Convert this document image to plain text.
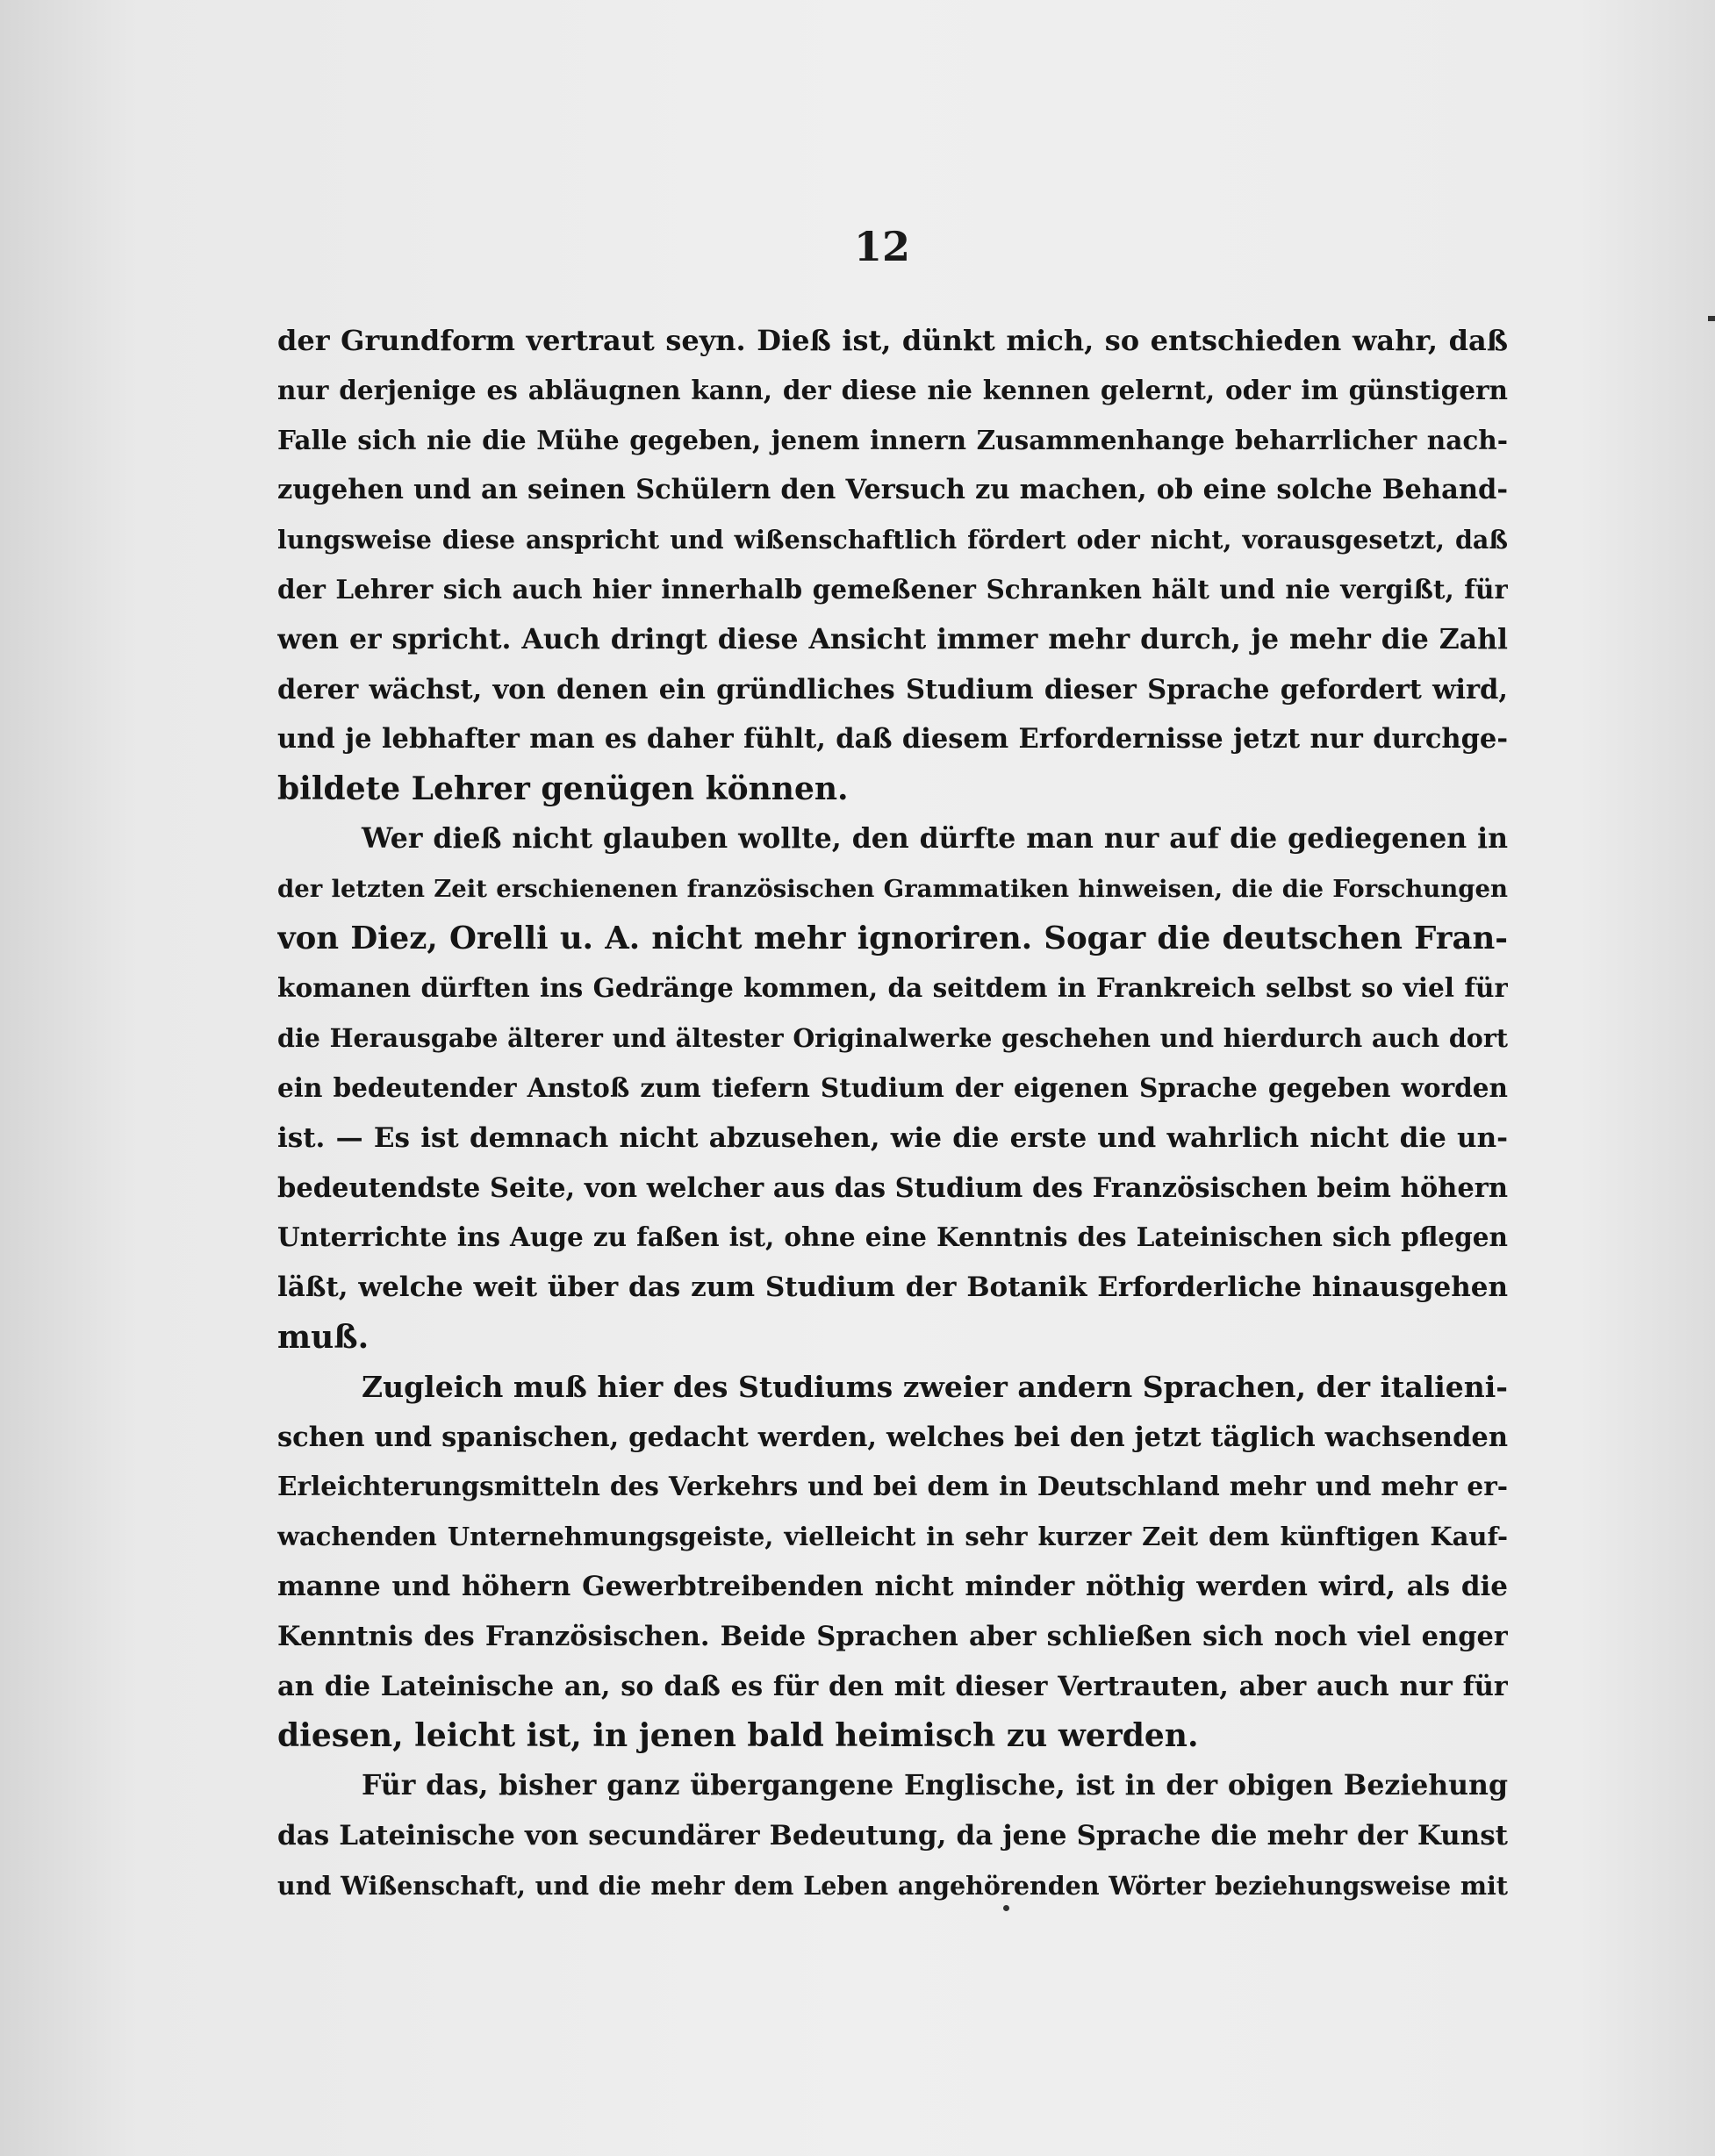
12
der Grundform vertraut seyn. Dieß ist, dünkt mich, so entschieden wahr, daß
nur derjenige es abläugnen kann, der diese nie kennen gelernt, oder im günstigern
Falle sich nie die Mühe gegeben, jenem innern Zusammenhange beharrlicher nach-
zugehen und an seinen Schülern den Versuch zu machen, ob eine solche Behand-
lungsweise diese anspricht und wißenschaftlich fördert oder nicht, vorausgesetzt, daß
der Lehrer sich auch hier innerhalb gemeßener Schranken hält und nie vergißt, für
wen er spricht. Auch dringt diese Ansicht immer mehr durch, je mehr die Zahl
derer wächst, von denen ein gründliches Studium dieser Sprache gefordert wird,
und je lebhafter man es daher fühlt, daß diesem Erfordernisse jetzt nur durchge-
bildete Lehrer genügen können.
Wer dieß nicht glauben wollte, den dürfte man nur auf die gediegenen in
der letzten Zeit erschienenen französischen Grammatiken hinweisen, die die Forschungen
von Diez, Orelli u. A. nicht mehr ignoriren. Sogar die deutschen Fran-
komanen dürften ins Gedränge kommen, da seitdem in Frankreich selbst so viel für
die Herausgabe älterer und ältester Originalwerke geschehen und hierdurch auch dort
ein bedeutender Anstoß zum tiefern Studium der eigenen Sprache gegeben worden
ist. — Es ist demnach nicht abzusehen, wie die erste und wahrlich nicht die un-
bedeutendste Seite, von welcher aus das Studium des Französischen beim höhern
Unterrichte ins Auge zu faßen ist, ohne eine Kenntnis des Lateinischen sich pflegen
läßt, welche weit über das zum Studium der Botanik Erforderliche hinausgehen
muß.
Zugleich muß hier des Studiums zweier andern Sprachen, der italieni-
schen und spanischen, gedacht werden, welches bei den jetzt täglich wachsenden
Erleichterungsmitteln des Verkehrs und bei dem in Deutschland mehr und mehr er-
wachenden Unternehmungsgeiste, vielleicht in sehr kurzer Zeit dem künftigen Kauf-
manne und höhern Gewerbtreibenden nicht minder nöthig werden wird, als die
Kenntnis des Französischen. Beide Sprachen aber schließen sich noch viel enger
an die Lateinische an, so daß es für den mit dieser Vertrauten, aber auch nur für
diesen, leicht ist, in jenen bald heimisch zu werden.
Für das, bisher ganz übergangene Englische, ist in der obigen Beziehung
das Lateinische von secundärer Bedeutung, da jene Sprache die mehr der Kunst
und Wißenschaft, und die mehr dem Leben angehörenden Wörter beziehungsweise mit
